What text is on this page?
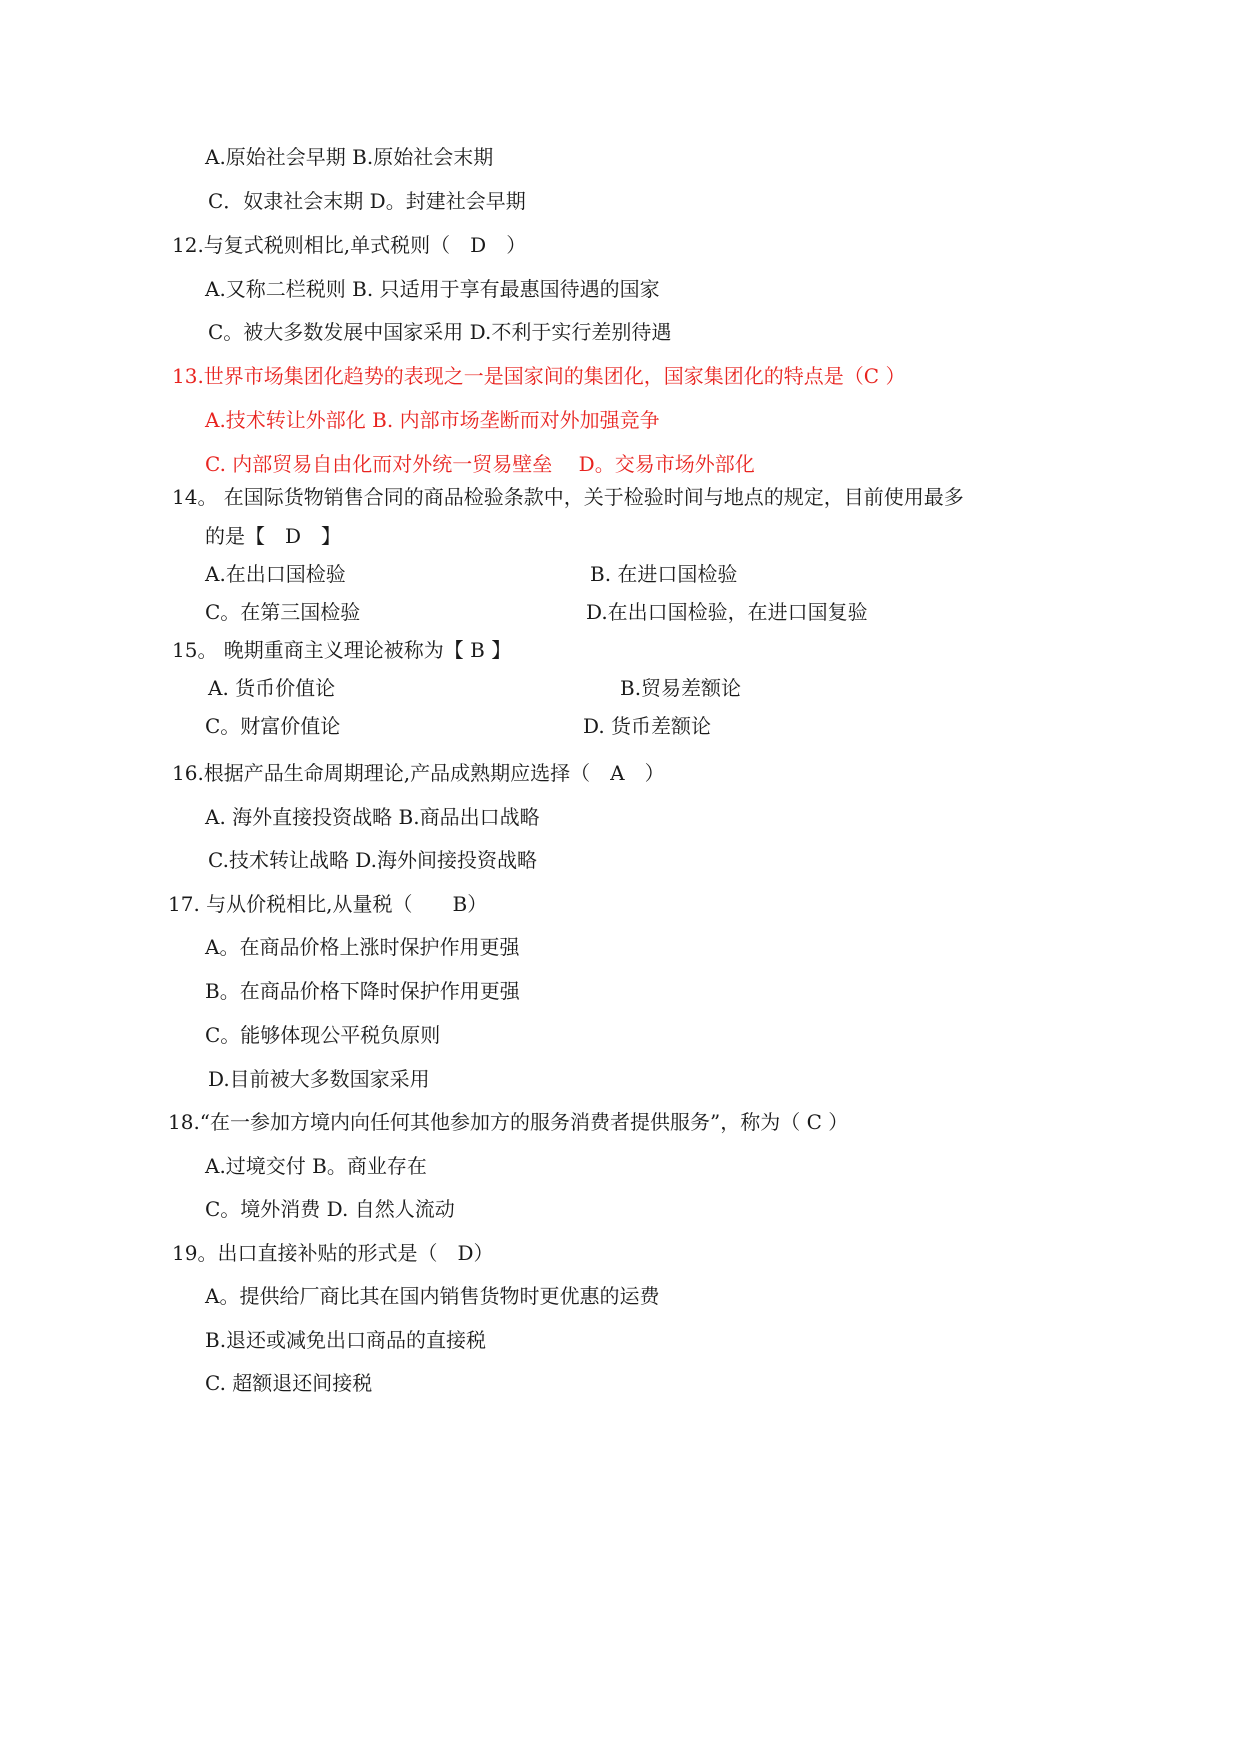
A.原始社会早期 B.原始社会末期
C．奴隶社会末期 D。封建社会早期
12.与复式税则相比,单式税则（　D　）
A.又称二栏税则 B. 只适用于享有最惠国待遇的国家
C。被大多数发展中国家采用 D.不利于实行差别待遇
13.世界市场集团化趋势的表现之一是国家间的集团化，国家集团化的特点是（C ）
A.技术转让外部化 B. 内部市场垄断而对外加强竞争
C. 内部贸易自由化而对外统一贸易壁垒　 D。交易市场外部化
14。 在国际货物销售合同的商品检验条款中，关于检验时间与地点的规定，目前使用最多
的是【　D　】
A.在出口国检验	B. 在进口国检验
C。在第三国检验	D.在出口国检验，在进口国复验
15。 晚期重商主义理论被称为【 B 】
A. 货币价值论	B.贸易差额论
C。财富价值论	D. 货币差额论
16.根据产品生命周期理论,产品成熟期应选择（　A　）
A. 海外直接投资战略 B.商品出口战略
C.技术转让战略 D.海外间接投资战略
17. 与从价税相比,从量税（　　B）
A。在商品价格上涨时保护作用更强
B。在商品价格下降时保护作用更强
C。能够体现公平税负原则
D.目前被大多数国家采用
18.“在一参加方境内向任何其他参加方的服务消费者提供服务”，称为（ C ）
A.过境交付 B。商业存在
C。境外消费 D. 自然人流动
19。出口直接补贴的形式是（　D）
A。提供给厂商比其在国内销售货物时更优惠的运费
B.退还或减免出口商品的直接税
C. 超额退还间接税
